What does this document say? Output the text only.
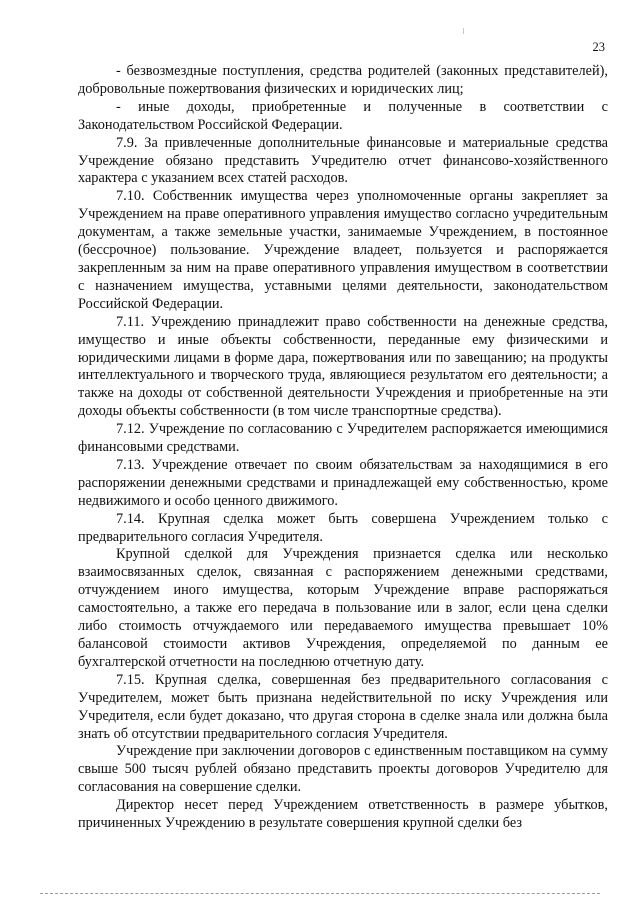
23

- безвозмездные поступления, средства родителей (законных представителей), добровольные пожертвования физических и юридических лиц;

- иные доходы, приобретенные и полученные в соответствии с Законодательством Российской Федерации.

7.9. За привлеченные дополнительные финансовые и материальные средства Учреждение обязано представить Учредителю отчет финансово-хозяйственного характера с указанием всех статей расходов.

7.10. Собственник имущества через уполномоченные органы закрепляет за Учреждением на праве оперативного управления имущество согласно учредительным документам, а также земельные участки, занимаемые Учреждением, в постоянное (бессрочное) пользование. Учреждение владеет, пользуется и распоряжается закрепленным за ним на праве оперативного управления имуществом в соответствии с назначением имущества, уставными целями деятельности, законодательством Российской Федерации.

7.11. Учреждению принадлежит право собственности на денежные средства, имущество и иные объекты собственности, переданные ему физическими и юридическими лицами в форме дара, пожертвования или по завещанию; на продукты интеллектуального и творческого труда, являющиеся результатом его деятельности; а также на доходы от собственной деятельности Учреждения и приобретенные на эти доходы объекты собственности (в том числе транспортные средства).

7.12. Учреждение по согласованию с Учредителем распоряжается имеющимися финансовыми средствами.

7.13. Учреждение отвечает по своим обязательствам за находящимися в его распоряжении денежными средствами и принадлежащей ему собственностью, кроме недвижимого и особо ценного движимого.

7.14. Крупная сделка может быть совершена Учреждением только с предварительного согласия Учредителя.

Крупной сделкой для Учреждения признается сделка или несколько взаимосвязанных сделок, связанная с распоряжением денежными средствами, отчуждением иного имущества, которым Учреждение вправе распоряжаться самостоятельно, а также его передача в пользование или в залог, если цена сделки либо стоимость отчуждаемого или передаваемого имущества превышает 10% балансовой стоимости активов Учреждения, определяемой по данным ее бухгалтерской отчетности на последнюю отчетную дату.

7.15. Крупная сделка, совершенная без предварительного согласования с Учредителем, может быть признана недействительной по иску Учреждения или Учредителя, если будет доказано, что другая сторона в сделке знала или должна была знать об отсутствии предварительного согласия Учредителя.

Учреждение при заключении договоров с единственным поставщиком на сумму свыше 500 тысяч рублей обязано представить проекты договоров Учредителю для согласования на совершение сделки.

Директор несет перед Учреждением ответственность в размере убытков, причиненных Учреждению в результате совершения крупной сделки без
